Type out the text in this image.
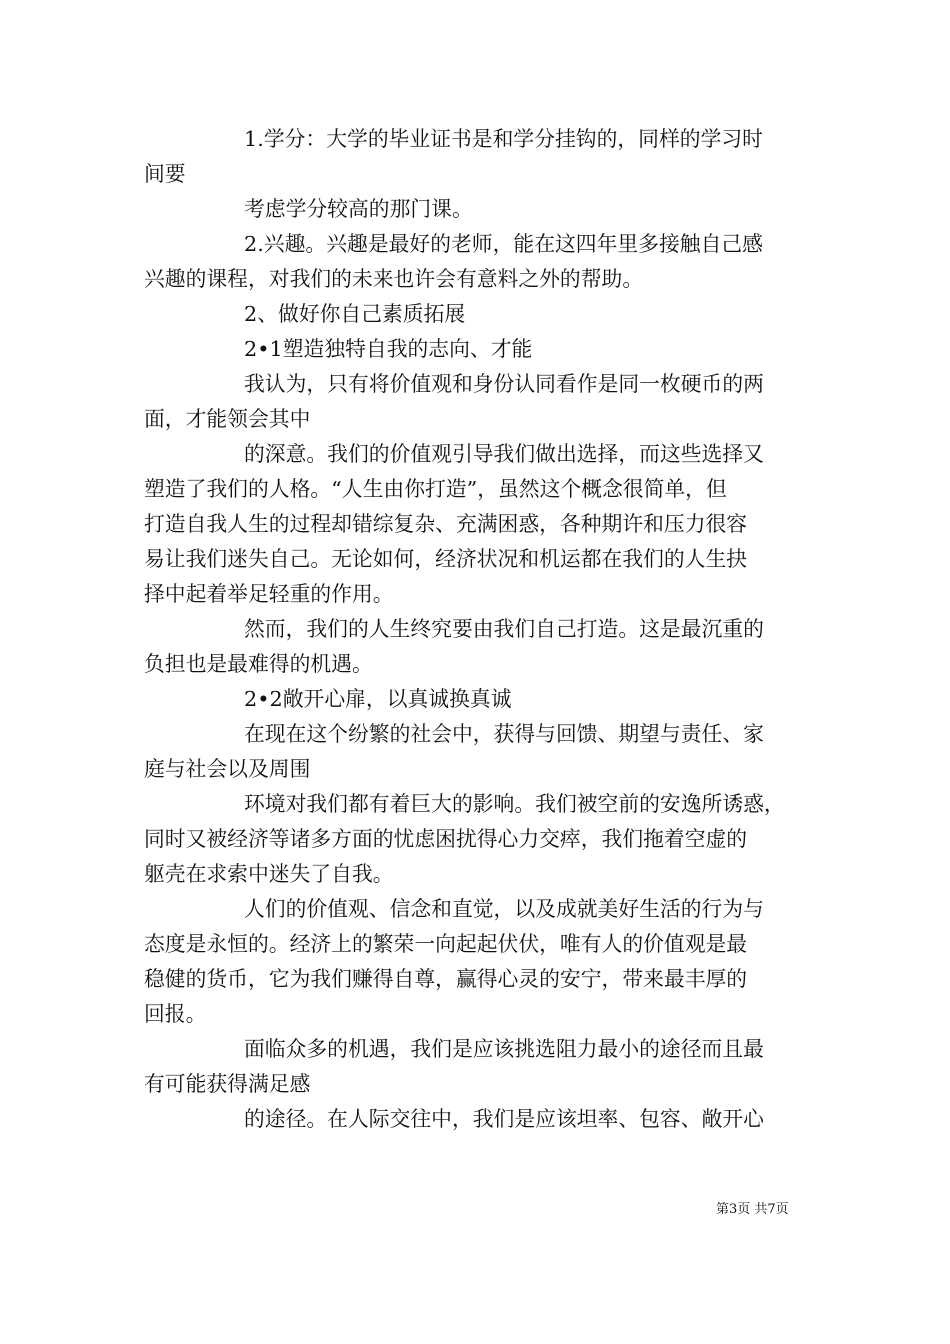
1.学分：大学的毕业证书是和学分挂钩的，同样的学习时
间要
考虑学分较高的那门课。
2.兴趣。兴趣是最好的老师，能在这四年里多接触自己感
兴趣的课程，对我们的未来也许会有意料之外的帮助。
2、做好你自己素质拓展
2•1塑造独特自我的志向、才能
我认为，只有将价值观和身份认同看作是同一枚硬币的两
面，才能领会其中
的深意。我们的价值观引导我们做出选择，而这些选择又
塑造了我们的人格。“人生由你打造”，虽然这个概念很简单，但
打造自我人生的过程却错综复杂、充满困惑，各种期许和压力很容
易让我们迷失自己。无论如何，经济状况和机运都在我们的人生抉
择中起着举足轻重的作用。
然而，我们的人生终究要由我们自己打造。这是最沉重的
负担也是最难得的机遇。
2•2敞开心扉，以真诚换真诚
在现在这个纷繁的社会中，获得与回馈、期望与责任、家
庭与社会以及周围
环境对我们都有着巨大的影响。我们被空前的安逸所诱惑，
同时又被经济等诸多方面的忧虑困扰得心力交瘁，我们拖着空虚的
躯壳在求索中迷失了自我。
人们的价值观、信念和直觉，以及成就美好生活的行为与
态度是永恒的。经济上的繁荣一向起起伏伏，唯有人的价值观是最
稳健的货币，它为我们赚得自尊，赢得心灵的安宁，带来最丰厚的
回报。
面临众多的机遇，我们是应该挑选阻力最小的途径而且最
有可能获得满足感
的途径。在人际交往中，我们是应该坦率、包容、敞开心
第3页 共7页
